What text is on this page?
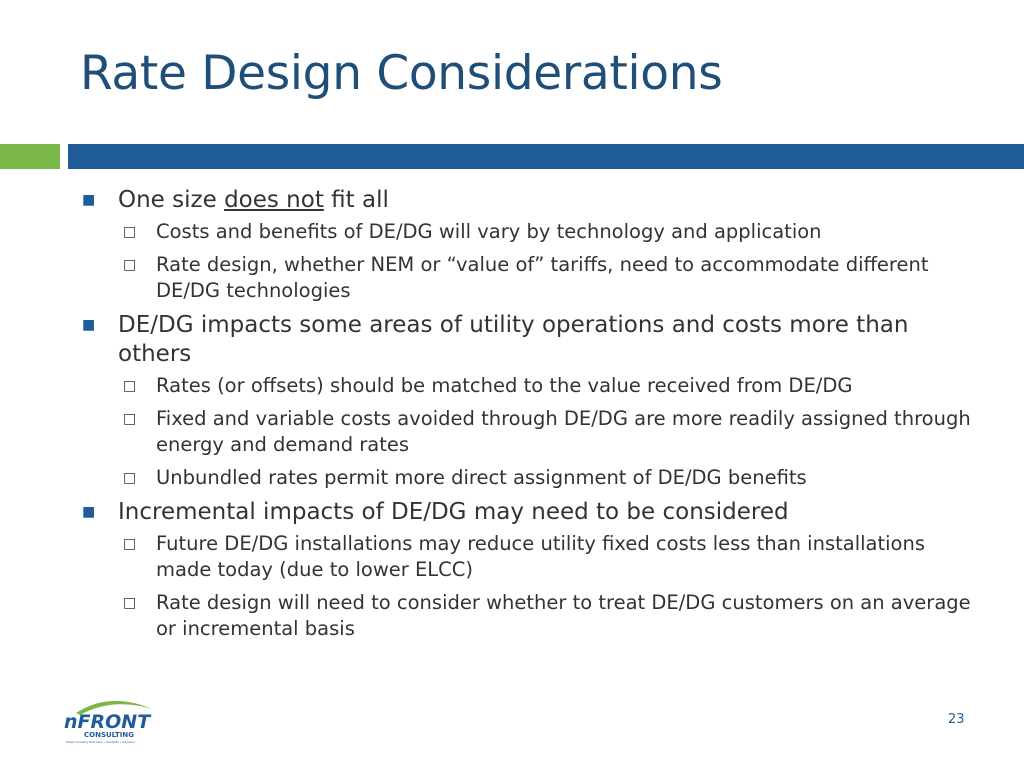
Rate Design Considerations
■ One size does not fit all
□ Costs and benefits of DE/DG will vary by technology and application
□ Rate design, whether NEM or “value of” tariffs, need to accommodate different DE/DG technologies
■ DE/DG impacts some areas of utility operations and costs more than others
□ Rates (or offsets) should be matched to the value received from DE/DG
□ Fixed and variable costs avoided through DE/DG are more readily assigned through energy and demand rates
□ Unbundled rates permit more direct assignment of DE/DG benefits
■ Incremental impacts of DE/DG may need to be considered
□ Future DE/DG installations may reduce utility fixed costs less than installations made today (due to lower ELCC)
□ Rate design will need to consider whether to treat DE/DG customers on an average or incremental basis
nFRONT
CONSULTING
Power Industry Planners • Analysts • Advisors
23
